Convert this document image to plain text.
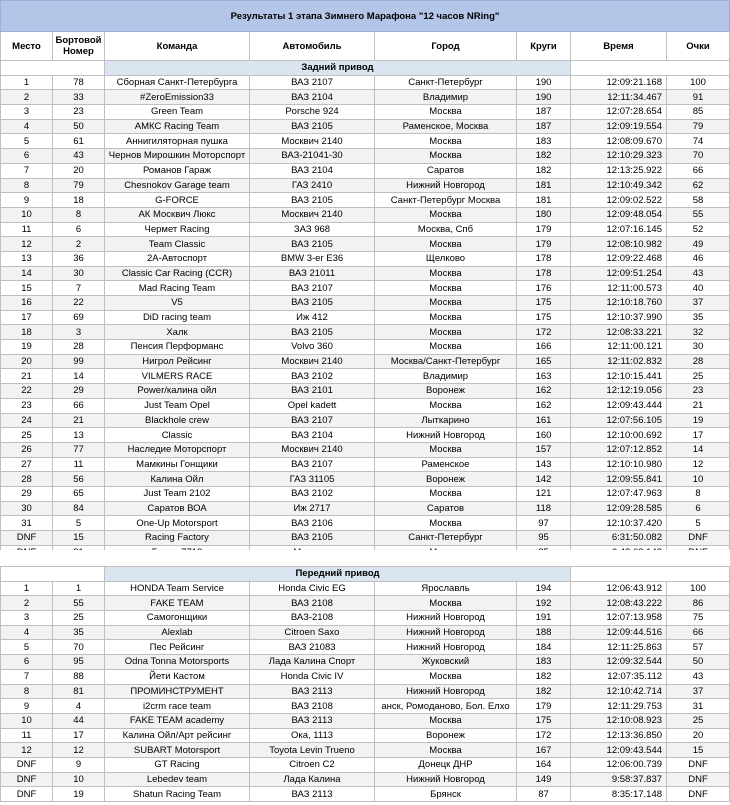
Результаты 1 этапа Зимнего Марафона "12 часов NRing"							
Место	Бортовой Номер	Команда	Автомобиль	Город	Круги	Время	Очки
		Задний привод					
1	78	Сборная Санкт-Петербурга	ВАЗ 2107	Санкт-Петербург	190	12:09:21.168	100
2	33	#ZeroEmission33	ВАЗ 2104	Владимир	190	12:11:34.467	91
3	23	Green Team	Porsche 924	Москва	187	12:07:28.654	85
4	50	АМКС Racing Team	ВАЗ 2105	Раменское, Москва	187	12:09:19.554	79
5	61	Аннигиляторная пушка	Москвич 2140	Москва	183	12:08:09.670	74
6	43	Чернов Мирошкин Моторспорт	ВАЗ-21041-30	Москва	182	12:10:29.323	70
7	20	Романов Гараж	ВАЗ 2104	Саратов	182	12:13:25.922	66
8	79	Chesnokov Garage team	ГАЗ 2410	Нижний Новгород	181	12:10:49.342	62
9	18	G-FORCE	ВАЗ 2105	Санкт-Петербург Москва	181	12:09:02.522	58
10	8	АК Москвич Люкс	Москвич 2140	Москва	180	12:09:48.054	55
11	6	Чермет Racing	ЗАЗ 968	Москва, Спб	179	12:07:16.145	52
12	2	Team Classic	ВАЗ 2105	Москва	179	12:08:10.982	49
13	36	2А-Автоспорт	BMW 3-er E36	Щелково	178	12:09:22.468	46
14	30	Classic Car Racing (CCR)	ВАЗ 21011	Москва	178	12:09:51.254	43
15	7	Mad Racing Team	ВАЗ 2107	Москва	176	12:11:00.573	40
16	22	V5	ВАЗ 2105	Москва	175	12:10:18.760	37
17	69	DiD racing team	Иж 412	Москва	175	12:10:37.990	35
18	3	Халк	ВАЗ 2105	Москва	172	12:08:33.221	32
19	28	Пенсия Перформанс	Volvo 360	Москва	166	12:11:00.121	30
20	99	Нигрол Рейсинг	Москвич 2140	Москва/Санкт-Петербург	165	12:11:02.832	28
21	14	VILMERS RACE	ВАЗ 2102	Владимир	163	12:10:15.441	25
22	29	Power/калина ойл	ВАЗ 2101	Воронеж	162	12:12:19.056	23
23	66	Just Team Opel	Opel kadett	Москва	162	12:09:43.444	21
24	21	Blackhole crew	ВАЗ 2107	Лыткарино	161	12:07:56.105	19
25	13	Classic	ВАЗ 2104	Нижний Новгород	160	12:10:00.692	17
26	77	Наследие Моторспорт	Москвич 2140	Москва	157	12:07:12.852	14
27	11	Мамкины Гонщики	ВАЗ 2107	Раменское	143	12:10:10.980	12
28	56	Калина Ойл	ГАЗ 31105	Воронеж	142	12:09:55.841	10
29	65	Just Team 2102	ВАЗ 2102	Москва	121	12:07:47.963	8
30	84	Саратов ВОА	Иж 2717	Саратов	118	12:09:28.585	6
31	5	One-Up Motorsport	ВАЗ 2106	Москва	97	12:10:37.420	5
DNF	15	Racing Factory	ВАЗ 2105	Санкт-Петербург	95	6:31:50.082	DNF

		Передний привод					
1	1	HONDA Team Service	Honda Civic EG	Ярославль	194	12:06:43.912	100
2	55	FAKE TEAM	ВАЗ 2108	Москва	192	12:08:43.222	86
3	25	Самогонщики	ВАЗ-2108	Нижний Новгород	191	12:07:13.958	75
4	35	Alexlab	Citroen Saxo	Нижний Новгород	188	12:09:44.516	66
5	70	Пес Рейсинг	ВАЗ 21083	Нижний Новгород	184	12:11:25.863	57
6	95	Odna Tonna Motorsports	Лада Калина Спорт	Жуковский	183	12:09:32.544	50
7	88	Йети Кастом	Honda Civic IV	Москва	182	12:07:35.112	43
8	81	ПРОМИНСТРУМЕНТ	ВАЗ 2113	Нижний Новгород	182	12:10:42.714	37
9	4	i2crm race team	ВАЗ 2108	анск, Ромоданово, Бол. Елхо	179	12:11:29.753	31
10	44	FAKE TEAM academy	ВАЗ 2113	Москва	175	12:10:08.923	25
11	17	Калина Ойл/Арт рейсинг	Ока, 1113	Воронеж	172	12:13:36.850	20
12	12	SUBART Motorsport	Toyota Levin Trueno	Москва	167	12:09:43.544	15
DNF	9	GT Racing	Citroen C2	Донецк ДНР	164	12:06:00.739	DNF
DNF	10	Lebedev team	Лада Калина	Нижний Новгород	149	9:58:37.837	DNF
DNF	19	Shatun Racing Team	ВАЗ 2113	Брянск	87	8:35:17.148	DNF
